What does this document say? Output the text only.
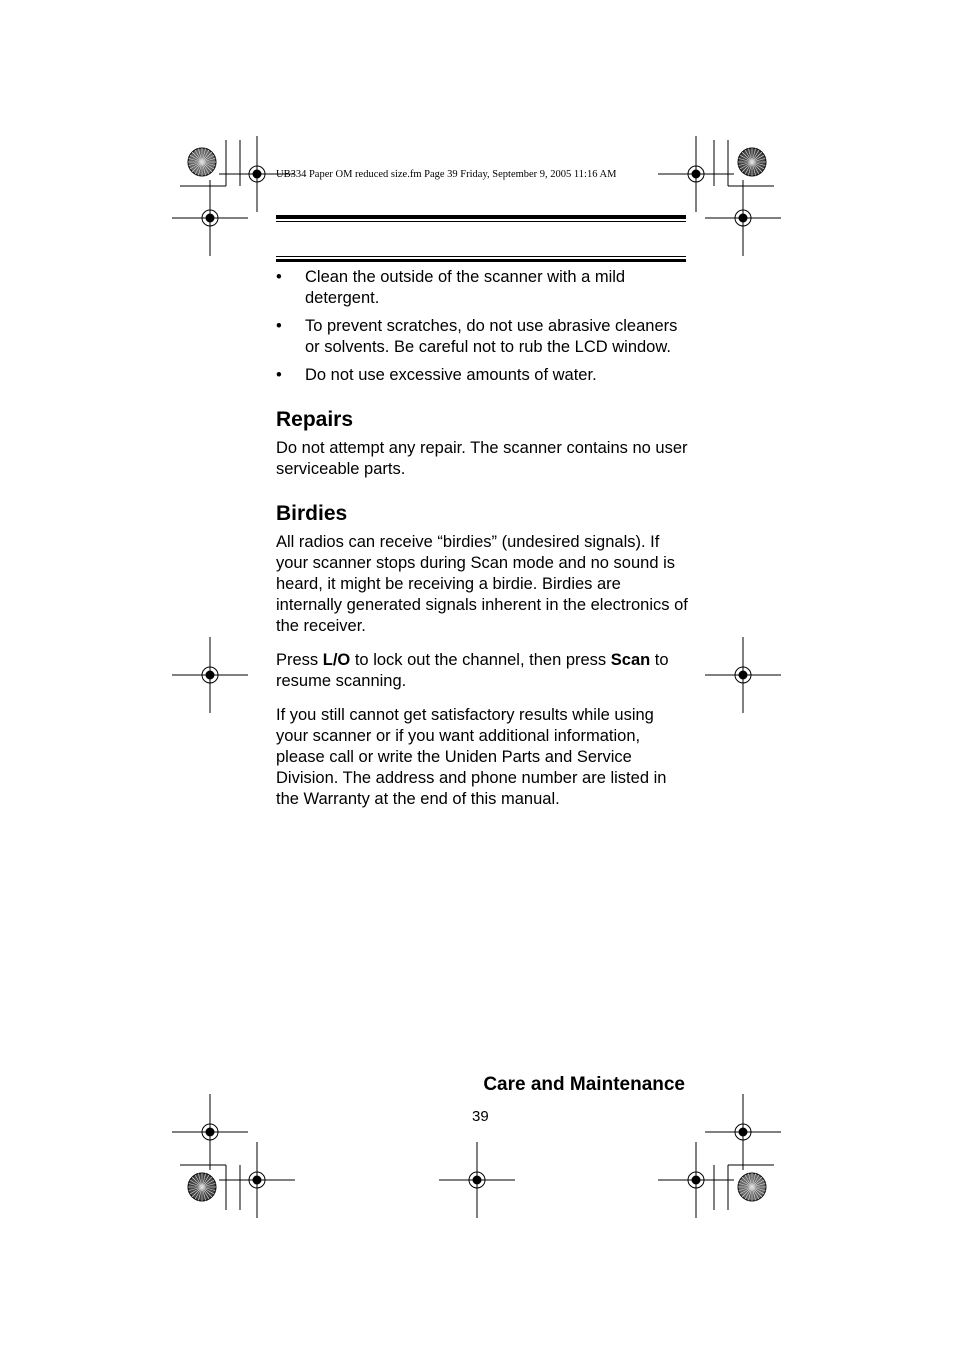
UB334 Paper OM reduced size.fm Page 39 Friday, September 9, 2005 11:16 AM
• Clean the outside of the scanner with a mild detergent.
• To prevent scratches, do not use abrasive cleaners or solvents. Be careful not to rub the LCD window.
• Do not use excessive amounts of water.
Repairs

Do not attempt any repair. The scanner contains no user serviceable parts.

Birdies

All radios can receive “birdies” (undesired signals). If your scanner stops during Scan mode and no sound is heard, it might be receiving a birdie. Birdies are internally generated signals inherent in the electronics of the receiver.

Press L/O to lock out the channel, then press Scan to resume scanning.

If you still cannot get satisfactory results while using your scanner or if you want additional information, please call or write the Uniden Parts and Service Division. The address and phone number are listed in the Warranty at the end of this manual.

Care and Maintenance
39
